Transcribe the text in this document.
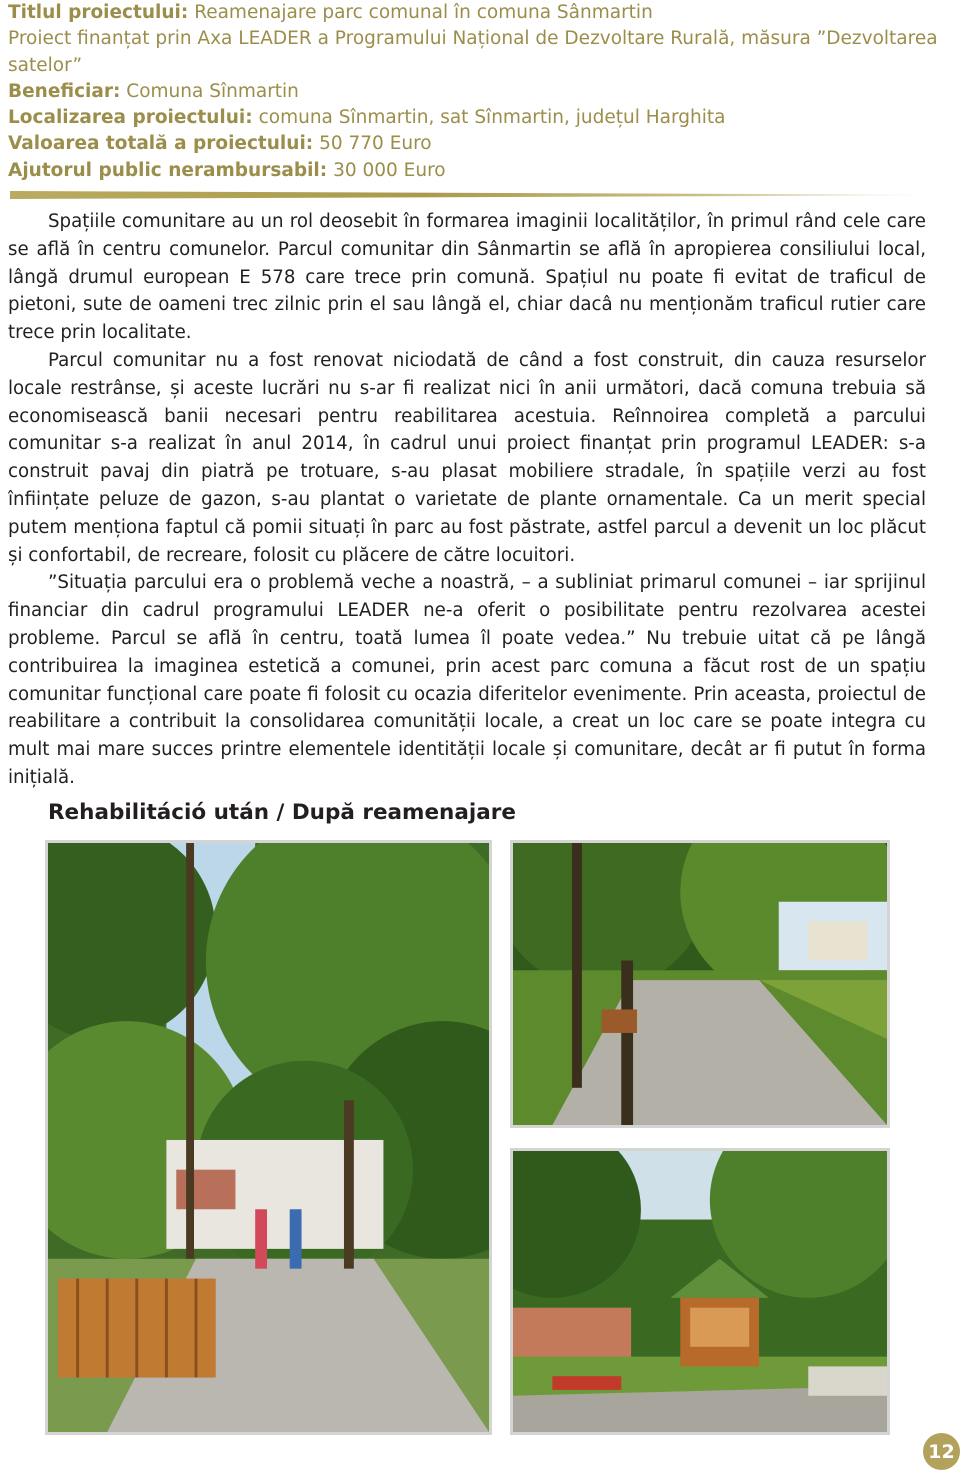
Titlul proiectului: Reamenajare parc comunal în comuna Sânmartin
Proiect finanțat prin Axa LEADER a Programului Național de Dezvoltare Rurală, măsura ”Dezvoltarea satelor”
Beneficiar: Comuna Sînmartin
Localizarea proiectului: comuna Sînmartin, sat Sînmartin, județul Harghita
Valoarea totală a proiectului: 50 770 Euro
Ajutorul public nerambursabil: 30 000 Euro

Spațiile comunitare au un rol deosebit în formarea imaginii localităților, în primul rând cele care se află în centru comunelor. Parcul comunitar din Sânmartin se află în apropierea consiliului local, lângă drumul european E 578 care trece prin comună. Spațiul nu poate fi evitat de traficul de pietoni, sute de oameni trec zilnic prin el sau lângă el, chiar dacâ nu menționăm traficul rutier care trece prin localitate.

Parcul comunitar nu a fost renovat niciodată de când a fost construit, din cauza resurselor locale restrânse, și aceste lucrări nu s-ar fi realizat nici în anii următori, dacă comuna trebuia să economisească banii necesari pentru reabilitarea acestuia. Reînnoirea completă a parcului comunitar s-a realizat în anul 2014, în cadrul unui proiect finanțat prin programul LEADER: s-a construit pavaj din piatră pe trotuare, s-au plasat mobiliere stradale, în spațiile verzi au fost înființate peluze de gazon, s-au plantat o varietate de plante ornamentale. Ca un merit special putem menționa faptul că pomii situați în parc au fost păstrate, astfel parcul a devenit un loc plăcut și confortabil, de recreare, folosit cu plăcere de către locuitori.

”Situația parcului era o problemă veche a noastră, – a subliniat primarul comunei – iar sprijinul financiar din cadrul programului LEADER ne-a oferit o posibilitate pentru rezolvarea acestei probleme. Parcul se află în centru, toată lumea îl poate vedea.” Nu trebuie uitat că pe lângă contribuirea la imaginea estetică a comunei, prin acest parc comuna a făcut rost de un spațiu comunitar funcțional care poate fi folosit cu ocazia diferitelor evenimente. Prin aceasta, proiectul de reabilitare a contribuit la consolidarea comunității locale, a creat un loc care se poate integra cu mult mai mare succes printre elementele identității locale și comunitare, decât ar fi putut în forma inițială.

Rehabilitáció után / După reamenajare
12
